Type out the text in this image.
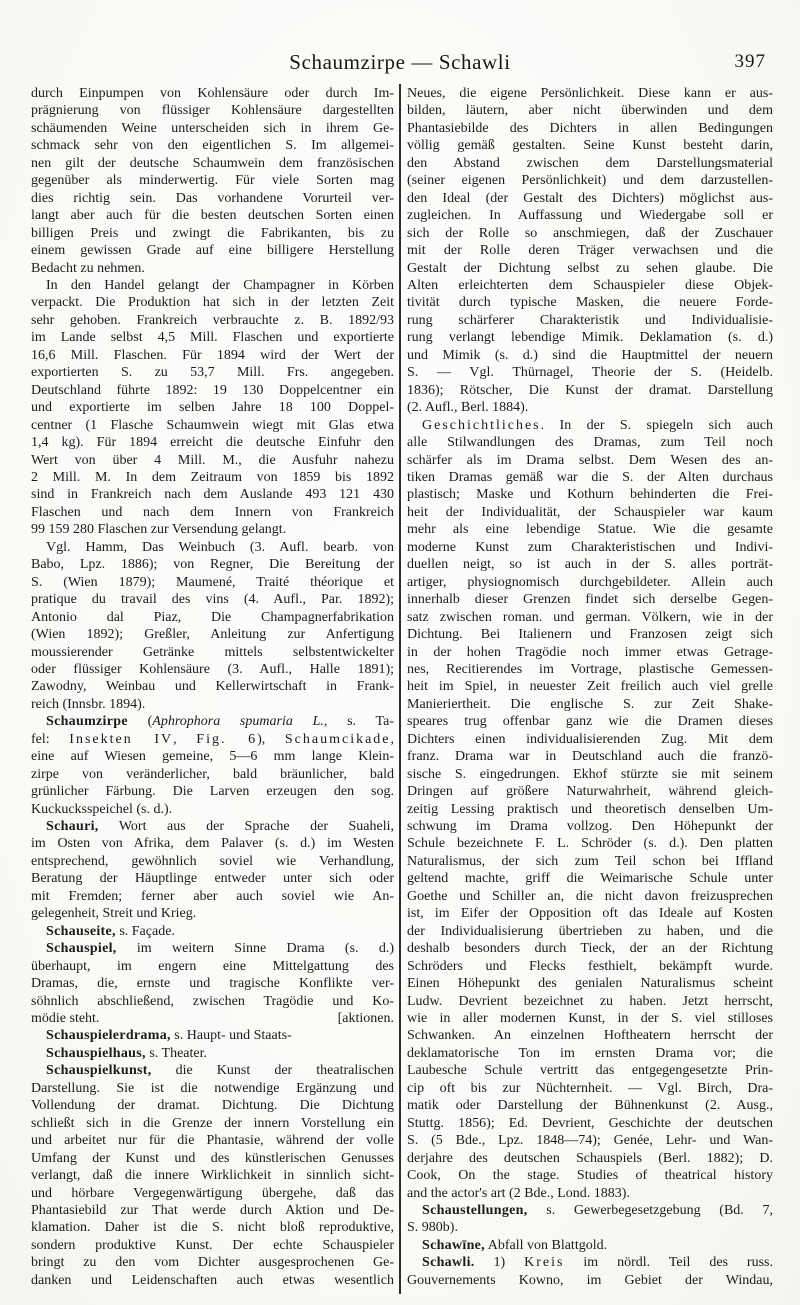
Schaumzirpe — Schawli	397
durch Einpumpen von Kohlensäure oder durch Im-
prägnierung von flüssiger Kohlensäure dargestellten
schäumenden Weine unterscheiden sich in ihrem Ge-
schmack sehr von den eigentlichen S. Im allgemei-
nen gilt der deutsche Schaumwein dem französischen
gegenüber als minderwertig. Für viele Sorten mag
dies richtig sein. Das vorhandene Vorurteil ver-
langt aber auch für die besten deutschen Sorten einen
billigen Preis und zwingt die Fabrikanten, bis zu
einem gewissen Grade auf eine billigere Herstellung
Bedacht zu nehmen.
In den Handel gelangt der Champagner in Körben
verpackt. Die Produktion hat sich in der letzten Zeit
sehr gehoben. Frankreich verbrauchte z. B. 1892/93
im Lande selbst 4,5 Mill. Flaschen und exportierte
16,6 Mill. Flaschen. Für 1894 wird der Wert der
exportierten S. zu 53,7 Mill. Frs. angegeben.
Deutschland führte 1892: 19 130 Doppelcentner ein
und exportierte im selben Jahre 18 100 Doppel-
centner (1 Flasche Schaumwein wiegt mit Glas etwa
1,4 kg). Für 1894 erreicht die deutsche Einfuhr den
Wert von über 4 Mill. M., die Ausfuhr nahezu
2 Mill. M. In dem Zeitraum von 1859 bis 1892
sind in Frankreich nach dem Auslande 493 121 430
Flaschen und nach dem Innern von Frankreich
99 159 280 Flaschen zur Versendung gelangt.
Vgl. Hamm, Das Weinbuch (3. Aufl. bearb. von
Babo, Lpz. 1886); von Regner, Die Bereitung der
S. (Wien 1879); Maumené, Traité théorique et
pratique du travail des vins (4. Aufl., Par. 1892);
Antonio dal Piaz, Die Champagnerfabrikation
(Wien 1892); Greßler, Anleitung zur Anfertigung
moussierender Getränke mittels selbstentwickelter
oder flüssiger Kohlensäure (3. Aufl., Halle 1891);
Zawodny, Weinbau und Kellerwirtschaft in Frank-
reich (Innsbr. 1894).
Schaumzirpe (Aphrophora spumaria L., s. Ta-
fel: Insekten IV, Fig. 6), Schaumcikade,
eine auf Wiesen gemeine, 5—6 mm lange Klein-
zirpe von veränderlicher, bald bräunlicher, bald
grünlicher Färbung. Die Larven erzeugen den sog.
Kuckucksspeichel (s. d.).
Schauri, Wort aus der Sprache der Suaheli,
im Osten von Afrika, dem Palaver (s. d.) im Westen
entsprechend, gewöhnlich soviel wie Verhandlung,
Beratung der Häuptlinge entweder unter sich oder
mit Fremden; ferner aber auch soviel wie An-
gelegenheit, Streit und Krieg.
Schauseite, s. Façade.
Schauspiel, im weitern Sinne Drama (s. d.)
überhaupt, im engern eine Mittelgattung des
Dramas, die, ernste und tragische Konflikte ver-
söhnlich abschließend, zwischen Tragödie und Ko-
mödie steht.	[aktionen.
Schauspielerdrama, s. Haupt- und Staats-
Schauspielhaus, s. Theater.
Schauspielkunst, die Kunst der theatralischen
Darstellung. Sie ist die notwendige Ergänzung und
Vollendung der dramat. Dichtung. Die Dichtung
schließt sich in die Grenze der innern Vorstellung ein
und arbeitet nur für die Phantasie, während der volle
Umfang der Kunst und des künstlerischen Genusses
verlangt, daß die innere Wirklichkeit in sinnlich sicht-
und hörbare Vergegenwärtigung übergehe, daß das
Phantasiebild zur That werde durch Aktion und De-
klamation. Daher ist die S. nicht bloß reproduktive,
sondern produktive Kunst. Der echte Schauspieler
bringt zu den vom Dichter ausgesprochenen Ge-
danken und Leidenschaften auch etwas wesentlich
Neues, die eigene Persönlichkeit. Diese kann er aus-
bilden, läutern, aber nicht überwinden und dem
Phantasiebilde des Dichters in allen Bedingungen
völlig gemäß gestalten. Seine Kunst besteht darin,
den Abstand zwischen dem Darstellungsmaterial
(seiner eigenen Persönlichkeit) und dem darzustellen-
den Ideal (der Gestalt des Dichters) möglichst aus-
zugleichen. In Auffassung und Wiedergabe soll er
sich der Rolle so anschmiegen, daß der Zuschauer
mit der Rolle deren Träger verwachsen und die
Gestalt der Dichtung selbst zu sehen glaube. Die
Alten erleichterten dem Schauspieler diese Objek-
tivität durch typische Masken, die neuere Forde-
rung schärferer Charakteristik und Individualisie-
rung verlangt lebendige Mimik. Deklamation (s. d.)
und Mimik (s. d.) sind die Hauptmittel der neuern
S. — Vgl. Thürnagel, Theorie der S. (Heidelb.
1836); Rötscher, Die Kunst der dramat. Darstellung
(2. Aufl., Berl. 1884).
Geschichtliches. In der S. spiegeln sich auch
alle Stilwandlungen des Dramas, zum Teil noch
schärfer als im Drama selbst. Dem Wesen des an-
tiken Dramas gemäß war die S. der Alten durchaus
plastisch; Maske und Kothurn behinderten die Frei-
heit der Individualität, der Schauspieler war kaum
mehr als eine lebendige Statue. Wie die gesamte
moderne Kunst zum Charakteristischen und Indivi-
duellen neigt, so ist auch in der S. alles porträt-
artiger, physiognomisch durchgebildeter. Allein auch
innerhalb dieser Grenzen findet sich derselbe Gegen-
satz zwischen roman. und german. Völkern, wie in der
Dichtung. Bei Italienern und Franzosen zeigt sich
in der hohen Tragödie noch immer etwas Getrage-
nes, Recitierendes im Vortrage, plastische Gemessen-
heit im Spiel, in neuester Zeit freilich auch viel grelle
Manieriertheit. Die englische S. zur Zeit Shake-
speares trug offenbar ganz wie die Dramen dieses
Dichters einen individualisierenden Zug. Mit dem
franz. Drama war in Deutschland auch die franzö-
sische S. eingedrungen. Ekhof stürzte sie mit seinem
Dringen auf größere Naturwahrheit, während gleich-
zeitig Lessing praktisch und theoretisch denselben Um-
schwung im Drama vollzog. Den Höhepunkt der
Schule bezeichnete F. L. Schröder (s. d.). Den platten
Naturalismus, der sich zum Teil schon bei Iffland
geltend machte, griff die Weimarische Schule unter
Goethe und Schiller an, die nicht davon freizusprechen
ist, im Eifer der Opposition oft das Ideale auf Kosten
der Individualisierung übertrieben zu haben, und die
deshalb besonders durch Tieck, der an der Richtung
Schröders und Flecks festhielt, bekämpft wurde.
Einen Höhepunkt des genialen Naturalismus scheint
Ludw. Devrient bezeichnet zu haben. Jetzt herrscht,
wie in aller modernen Kunst, in der S. viel stilloses
Schwanken. An einzelnen Hoftheatern herrscht der
deklamatorische Ton im ernsten Drama vor; die
Laubesche Schule vertritt das entgegengesetzte Prin-
cip oft bis zur Nüchternheit. — Vgl. Birch, Dra-
matik oder Darstellung der Bühnenkunst (2. Ausg.,
Stuttg. 1856); Ed. Devrient, Geschichte der deutschen
S. (5 Bde., Lpz. 1848—74); Genée, Lehr- und Wan-
derjahre des deutschen Schauspiels (Berl. 1882); D.
Cook, On the stage. Studies of theatrical history
and the actor's art (2 Bde., Lond. 1883).
Schaustellungen, s. Gewerbegesetzgebung (Bd. 7,
S. 980b).
Schawīne, Abfall von Blattgold.
Schawli. 1) Kreis im nördl. Teil des russ.
Gouvernements Kowno, im Gebiet der Windau,
